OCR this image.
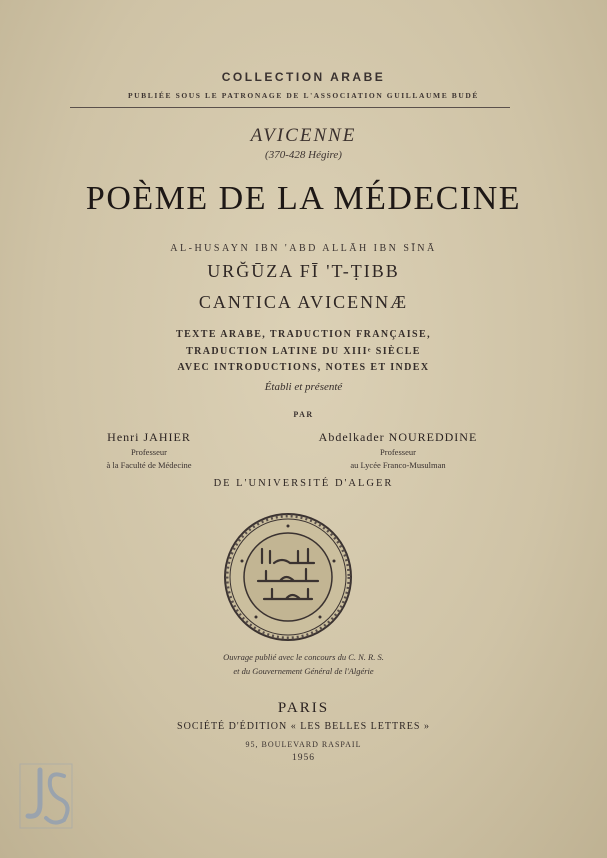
COLLECTION ARABE
PUBLIÉE SOUS LE PATRONAGE DE L'ASSOCIATION GUILLAUME BUDÉ
AVICENNE
(370-428 Hégire)
POÈME DE LA MÉDECINE
AL-HUSAYN IBN 'ABD ALLĀH IBN SĪNĀ
URĞŪZA FĪ 'T-ṬIBB
CANTICA AVICENNÆ
TEXTE ARABE, TRADUCTION FRANÇAISE,
TRADUCTION LATINE DU XIIIᵉ SIÈCLE
AVEC INTRODUCTIONS, NOTES ET INDEX
Établi et présenté
PAR
Henri JAHIER
Professeur
à la Faculté de Médecine
Abdelkader NOUREDDINE
Professeur
au Lycée Franco-Musulman
DE L'UNIVERSITÉ D'ALGER
Ouvrage publié avec le concours du C. N. R. S.
et du Gouvernement Général de l'Algérie
PARIS
SOCIÉTÉ D'ÉDITION « LES BELLES LETTRES »
95, BOULEVARD RASPAIL
1956
